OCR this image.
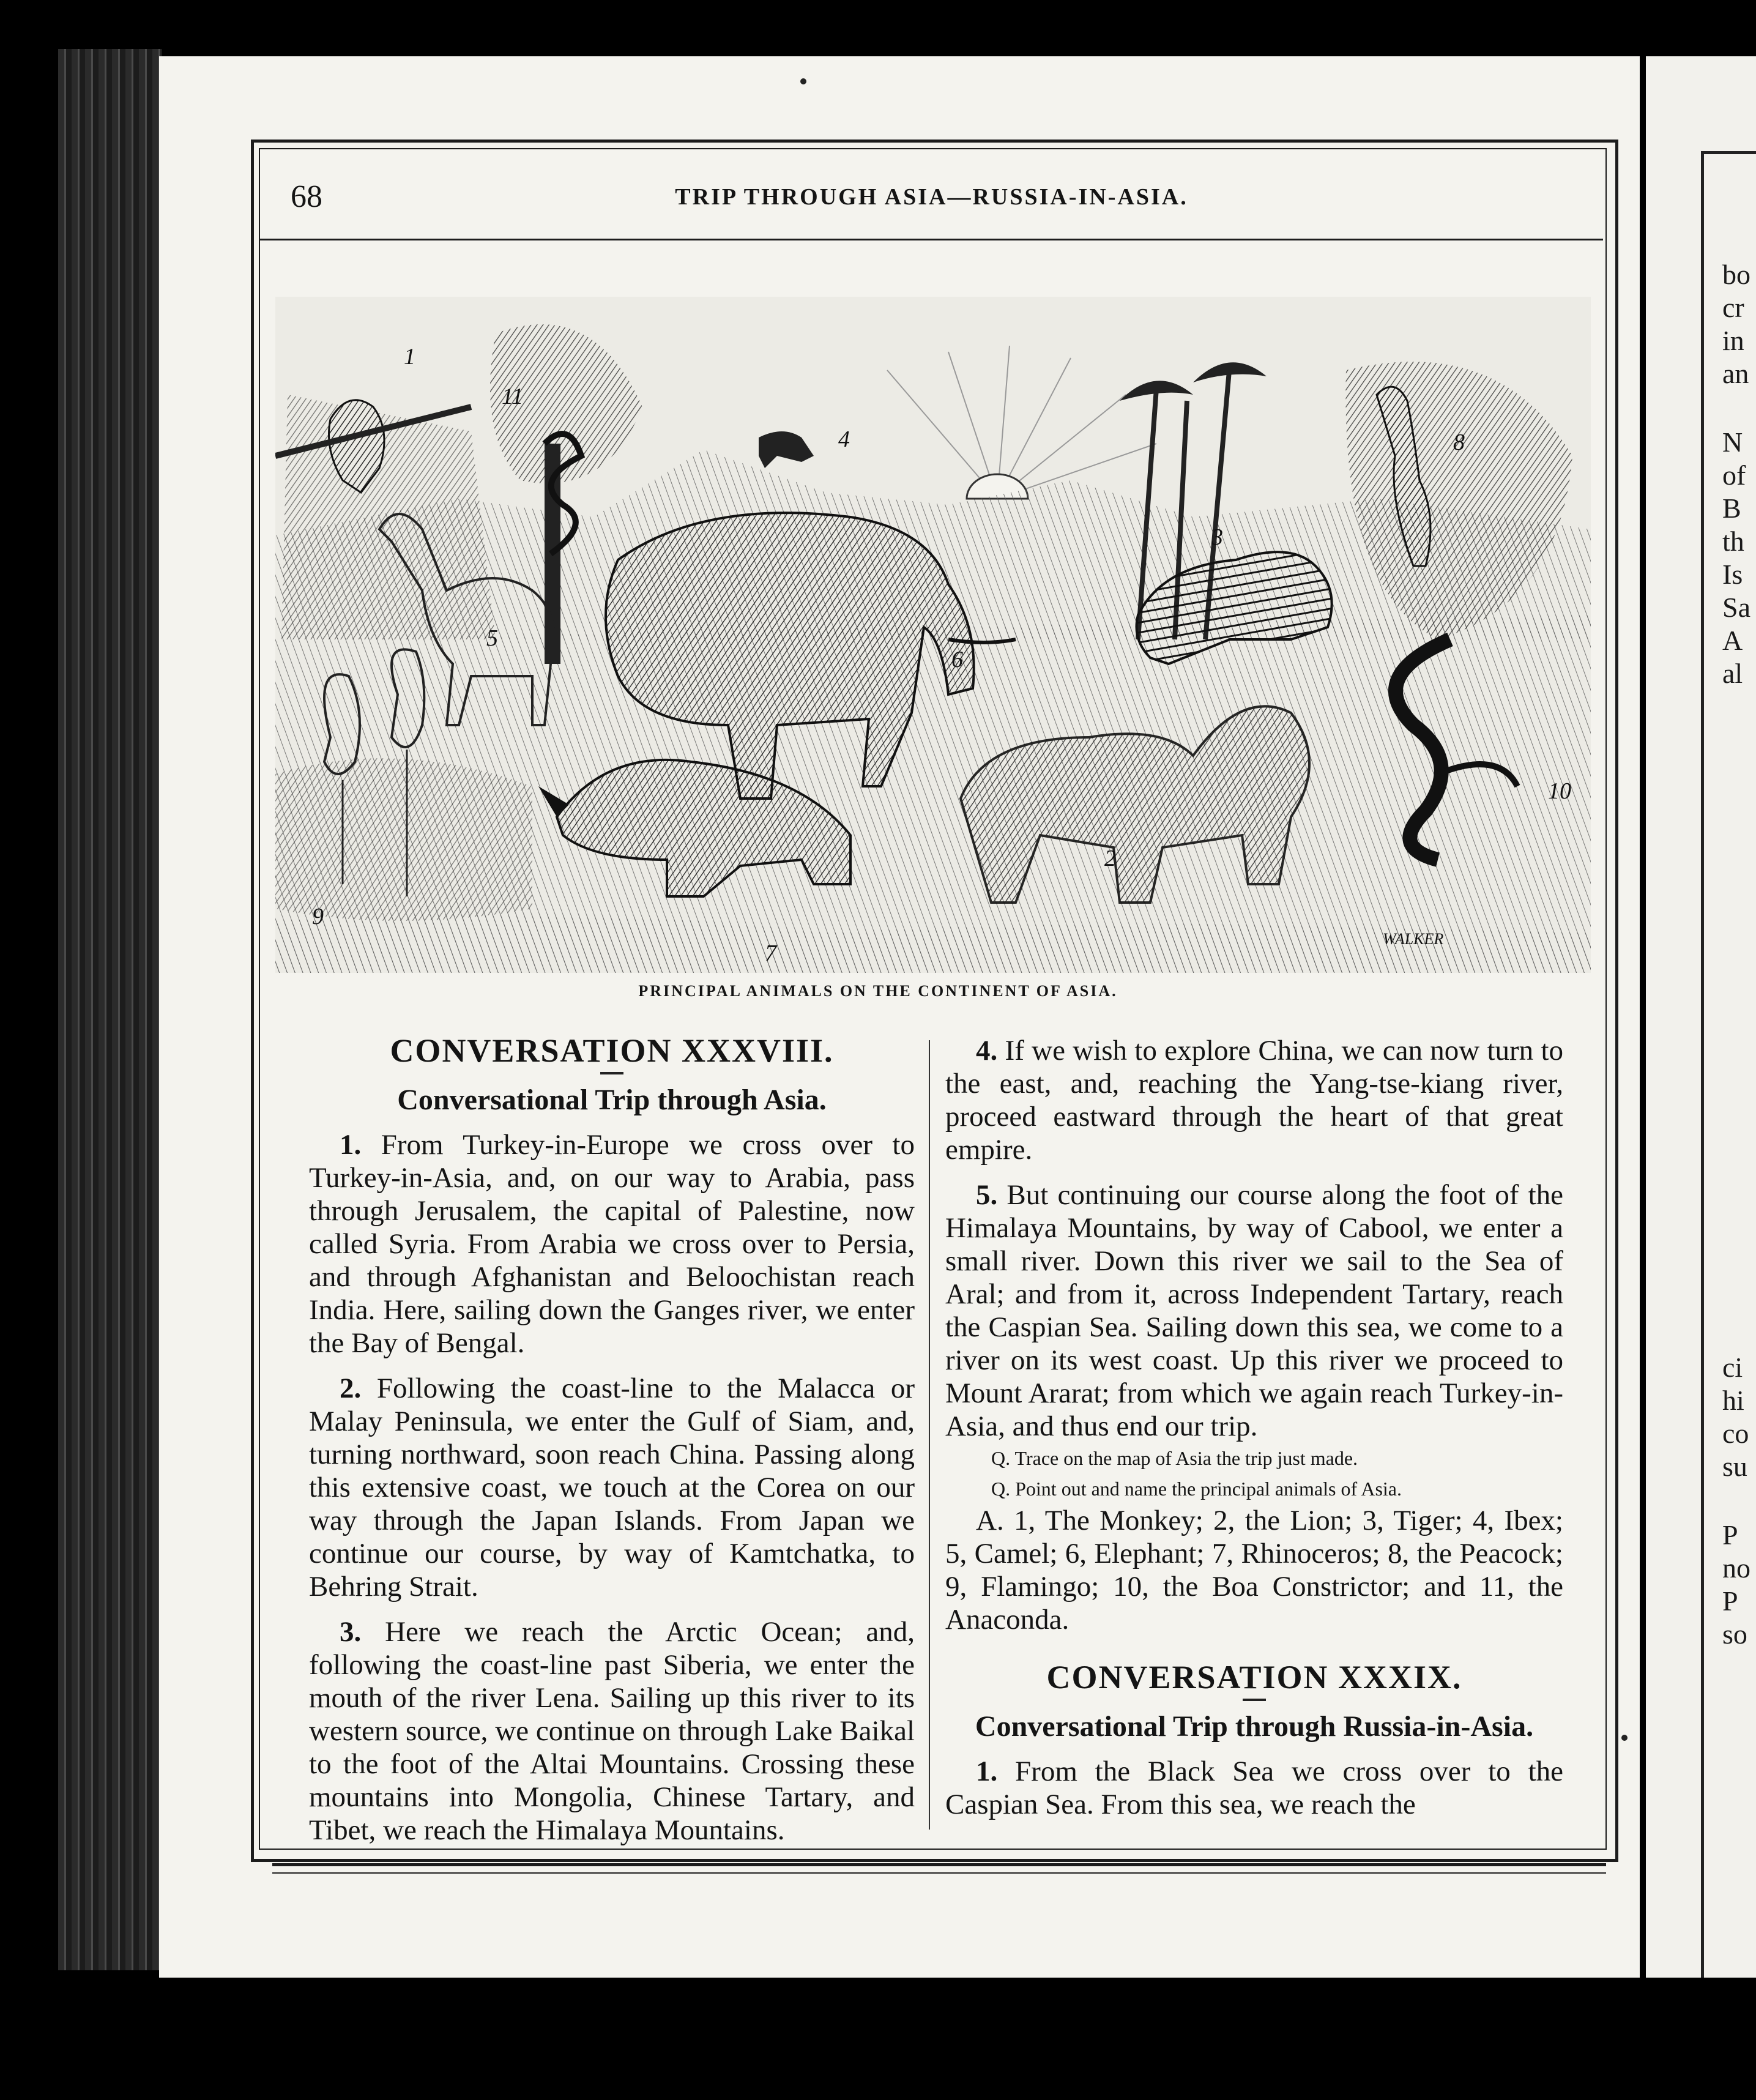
bo
cr
in
an
N
of
B
th
Is
Sa
A
al
ci
hi
co
su
P
no
P
so
68	TRIP THROUGH ASIA—RUSSIA-IN-ASIA.
1
2
3
4
5
6
7
8
9
10
11
WALKER
PRINCIPAL ANIMALS ON THE CONTINENT OF ASIA.
CONVERSATION XXXVIII.
Conversational Trip through Asia.

1. From Turkey-in-Europe we cross over to Turkey-in-Asia, and, on our way to Arabia, pass through Jerusalem, the capital of Palestine, now called Syria. From Arabia we cross over to Persia, and through Afghanistan and Beloochistan reach India. Here, sailing down the Ganges river, we enter the Bay of Bengal.

2. Following the coast-line to the Malacca or Malay Peninsula, we enter the Gulf of Siam, and, turning northward, soon reach China. Passing along this extensive coast, we touch at the Corea on our way through the Japan Islands. From Japan we continue our course, by way of Kamtchatka, to Behring Strait.

3. Here we reach the Arctic Ocean; and, following the coast-line past Siberia, we enter the mouth of the river Lena. Sailing up this river to its western source, we continue on through Lake Baikal to the foot of the Altai Mountains. Crossing these mountains into Mongolia, Chinese Tartary, and Tibet, we reach the Himalaya Mountains.

4. If we wish to explore China, we can now turn to the east, and, reaching the Yang-tse-kiang river, proceed eastward through the heart of that great empire.

5. But continuing our course along the foot of the Himalaya Mountains, by way of Cabool, we enter a small river. Down this river we sail to the Sea of Aral; and from it, across Independent Tartary, reach the Caspian Sea. Sailing down this sea, we come to a river on its west coast. Up this river we proceed to Mount Ararat; from which we again reach Turkey-in-Asia, and thus end our trip.

Q. Trace on the map of Asia the trip just made.

Q. Point out and name the principal animals of Asia.

A. 1, The Monkey; 2, the Lion; 3, Tiger; 4, Ibex; 5, Camel; 6, Elephant; 7, Rhinoceros; 8, the Peacock; 9, Flamingo; 10, the Boa Constrictor; and 11, the Anaconda.

CONVERSATION XXXIX.
Conversational Trip through Russia-in-Asia.

1. From the Black Sea we cross over to the Caspian Sea. From this sea, we reach the
